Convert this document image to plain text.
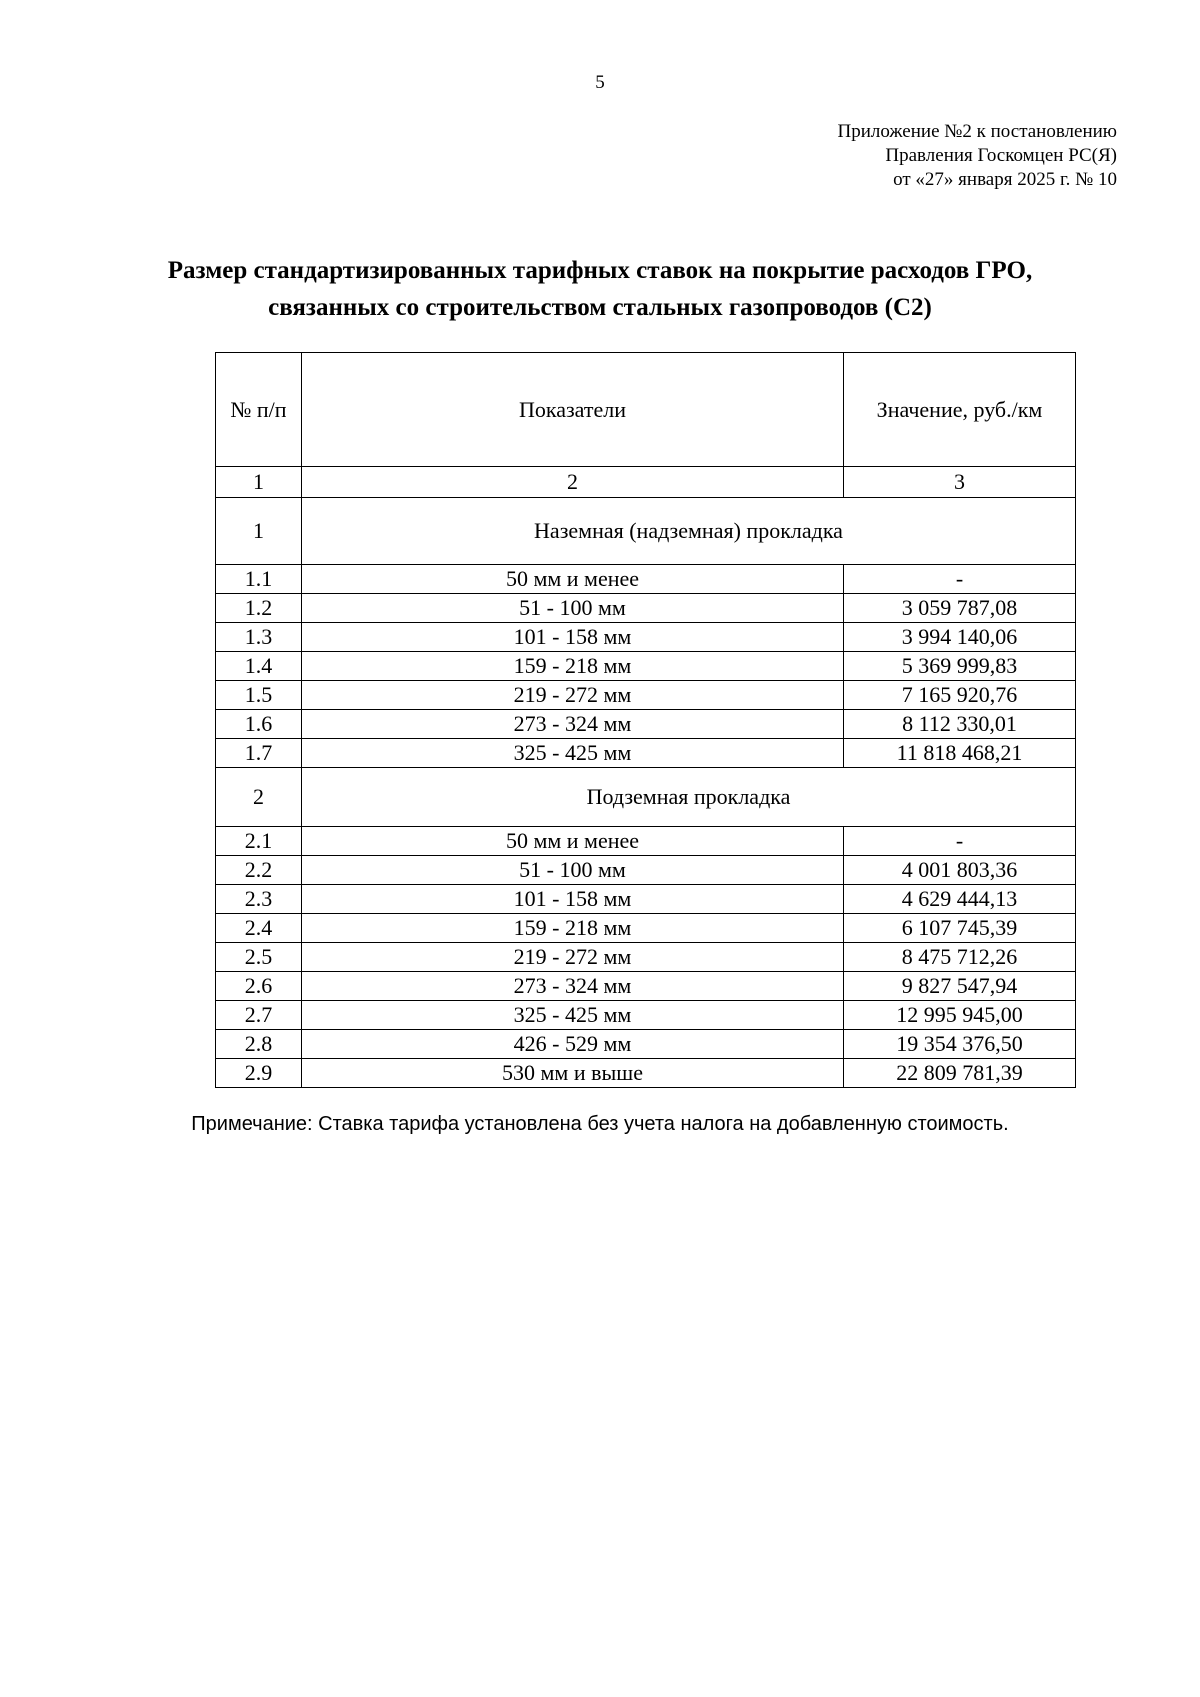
5
Приложение №2 к постановлению
Правления Госкомцен РС(Я)
от «27» января 2025 г. № 10
Размер стандартизированных тарифных ставок на покрытие расходов ГРО,
связанных со строительством стальных газопроводов (С2)
№ п/п	Показатели	Значение, руб./км
1	2	3
1	Наземная (надземная) прокладка	
1.1	50 мм и менее	-
1.2	51 - 100 мм	3 059 787,08
1.3	101 - 158 мм	3 994 140,06
1.4	159 - 218 мм	5 369 999,83
1.5	219 - 272 мм	7 165 920,76
1.6	273 - 324 мм	8 112 330,01
1.7	325 - 425 мм	11 818 468,21
2	Подземная прокладка	
2.1	50 мм и менее	-
2.2	51 - 100 мм	4 001 803,36
2.3	101 - 158 мм	4 629 444,13
2.4	159 - 218 мм	6 107 745,39
2.5	219 - 272 мм	8 475 712,26
2.6	273 - 324 мм	9 827 547,94
2.7	325 - 425 мм	12 995 945,00
2.8	426 - 529 мм	19 354 376,50
2.9	530 мм и выше	22 809 781,39
Примечание: Ставка тарифа установлена без учета налога на добавленную стоимость.
